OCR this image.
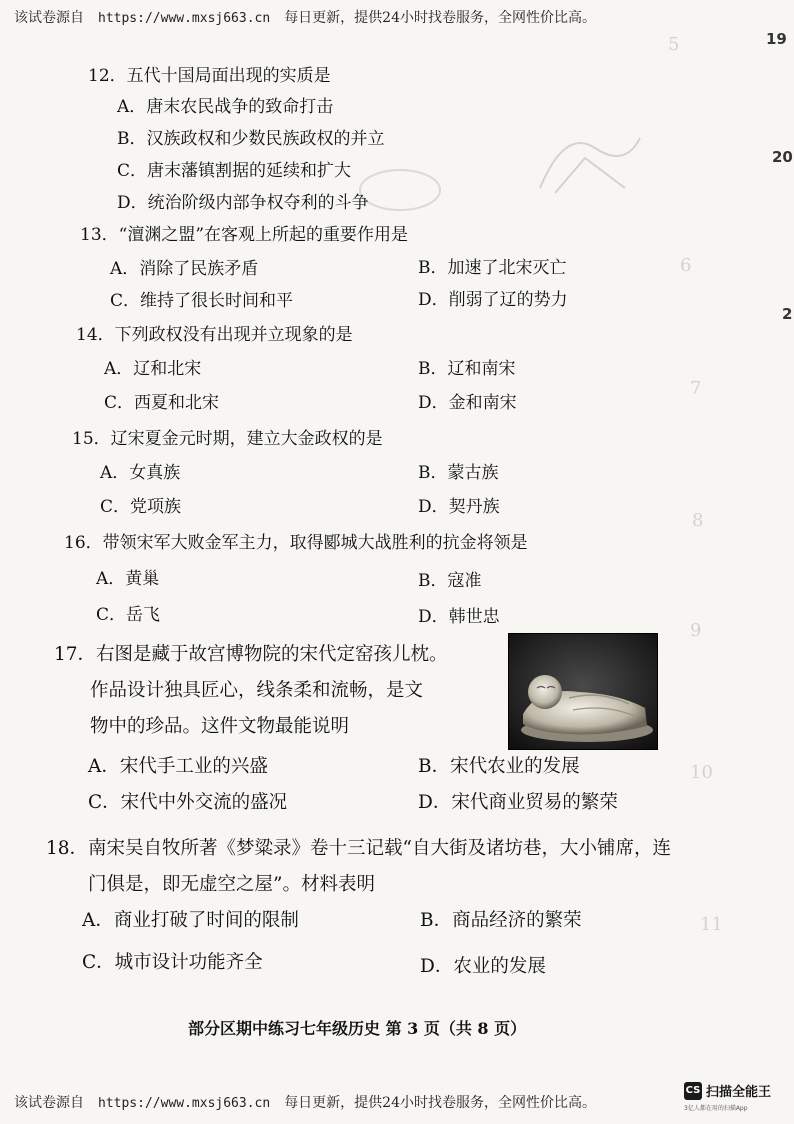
5
6
7
8
9
10
11
19
20
2
该试卷源自 https://www.mxsj663.cn 每日更新，提供24小时找卷服务，全网性价比高。
12．五代十国局面出现的实质是
A．唐末农民战争的致命打击
B．汉族政权和少数民族政权的并立
C．唐末藩镇割据的延续和扩大
D．统治阶级内部争权夺利的斗争
13．“澶渊之盟”在客观上所起的重要作用是
A．消除了民族矛盾	B．加速了北宋灭亡
C．维持了很长时间和平	D．削弱了辽的势力
14．下列政权没有出现并立现象的是
A．辽和北宋	B．辽和南宋
C．西夏和北宋	D．金和南宋
15．辽宋夏金元时期，建立大金政权的是
A．女真族	B．蒙古族
C．党项族	D．契丹族
16．带领宋军大败金军主力，取得郾城大战胜利的抗金将领是
A．黄巢	B．寇准
C．岳飞	D．韩世忠
17．右图是藏于故宫博物院的宋代定窑孩儿枕。
作品设计独具匠心，线条柔和流畅，是文
物中的珍品。这件文物最能说明
A．宋代手工业的兴盛	B．宋代农业的发展
C．宋代中外交流的盛况	D．宋代商业贸易的繁荣
18．南宋吴自牧所著《梦粱录》卷十三记载“自大街及诸坊巷，大小铺席，连
门俱是，即无虚空之屋”。材料表明
A．商业打破了时间的限制	B．商品经济的繁荣
C．城市设计功能齐全	D．农业的发展
部分区期中练习七年级历史 第 3 页（共 8 页）
该试卷源自 https://www.mxsj663.cn 每日更新，提供24小时找卷服务，全网性价比高。
CS 扫描全能王
3亿人都在用的扫描App
